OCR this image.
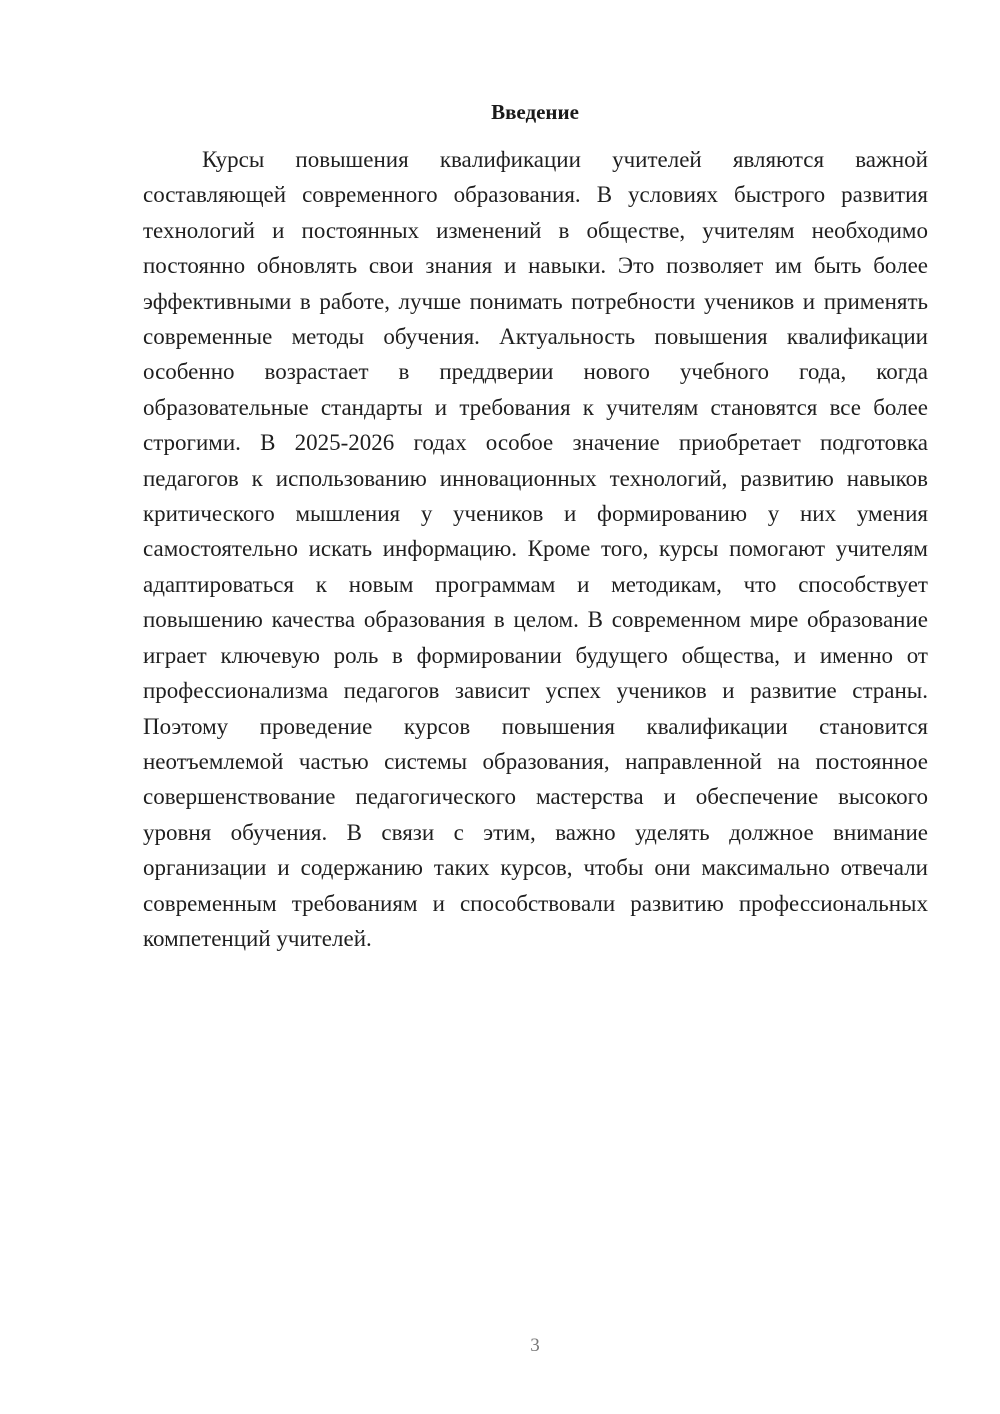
Введение

Курсы повышения квалификации учителей являются важной составляющей современного образования. В условиях быстрого развития технологий и постоянных изменений в обществе, учителям необходимо постоянно обновлять свои знания и навыки. Это позволяет им быть более эффективными в работе, лучше понимать потребности учеников и применять современные методы обучения. Актуальность повышения квалификации особенно возрастает в преддверии нового учебного года, когда образовательные стандарты и требования к учителям становятся все более строгими. В 2025-2026 годах особое значение приобретает подготовка педагогов к использованию инновационных технологий, развитию навыков критического мышления у учеников и формированию у них умения самостоятельно искать информацию. Кроме того, курсы помогают учителям адаптироваться к новым программам и методикам, что способствует повышению качества образования в целом. В современном мире образование играет ключевую роль в формировании будущего общества, и именно от профессионализма педагогов зависит успех учеников и развитие страны. Поэтому проведение курсов повышения квалификации становится неотъемлемой частью системы образования, направленной на постоянное совершенствование педагогического мастерства и обеспечение высокого уровня обучения. В связи с этим, важно уделять должное внимание организации и содержанию таких курсов, чтобы они максимально отвечали современным требованиям и способствовали развитию профессиональных компетенций учителей.

3
